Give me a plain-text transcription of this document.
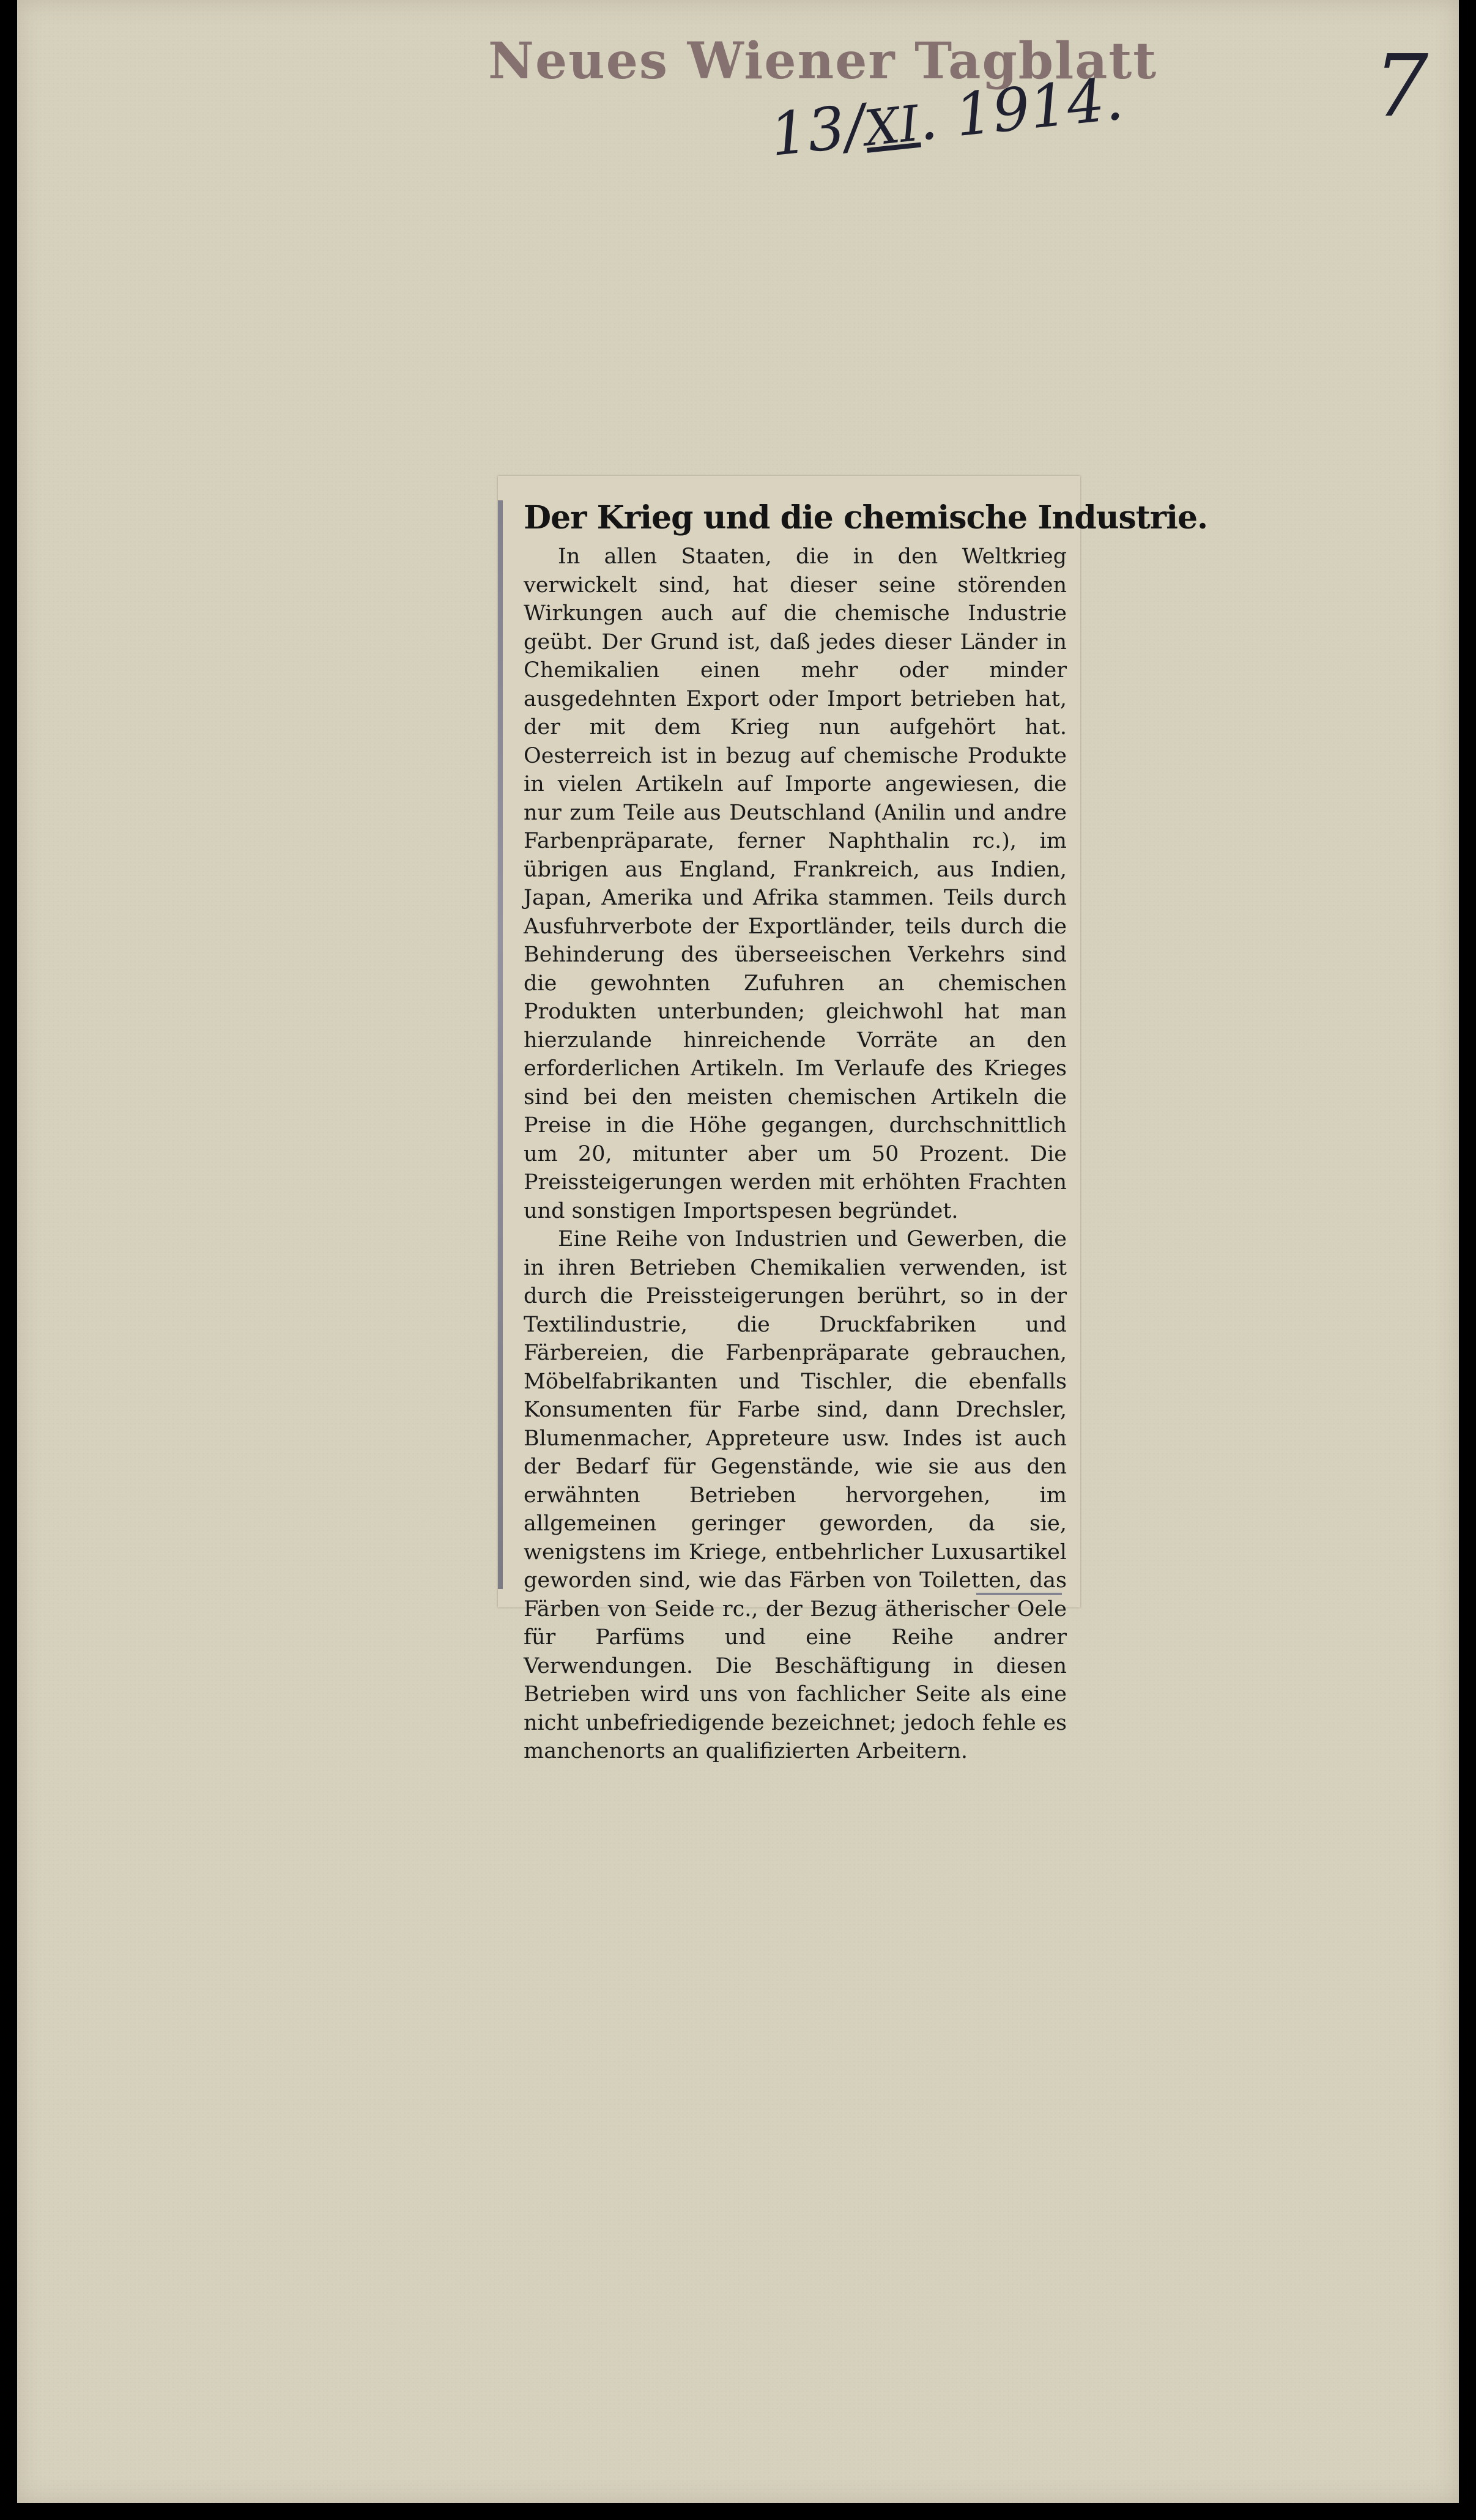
Neues Wiener Tagblatt
13/XI. 1914.	7
Der Krieg und die chemische Industrie.

In allen Staaten, die in den Weltkrieg verwickelt sind, hat dieser seine störenden Wirkungen auch auf die chemische Industrie geübt. Der Grund ist, daß jedes dieser Länder in Chemikalien einen mehr oder minder ausgedehnten Export oder Import betrieben hat, der mit dem Krieg nun aufgehört hat. Oesterreich ist in bezug auf chemische Produkte in vielen Artikeln auf Importe angewiesen, die nur zum Teile aus Deutschland (Anilin und andre Farbenpräparate, ferner Naphthalin rc.), im übrigen aus England, Frankreich, aus Indien, Japan, Amerika und Afrika stammen. Teils durch Ausfuhrverbote der Exportländer, teils durch die Behinderung des überseeischen Verkehrs sind die gewohnten Zufuhren an chemischen Produkten unterbunden; gleichwohl hat man hierzulande hinreichende Vorräte an den erforderlichen Artikeln. Im Verlaufe des Krieges sind bei den meisten chemischen Artikeln die Preise in die Höhe gegangen, durchschnittlich um 20, mitunter aber um 50 Prozent. Die Preissteigerungen werden mit erhöhten Frachten und sonstigen Importspesen begründet.

Eine Reihe von Industrien und Gewerben, die in ihren Betrieben Chemikalien verwenden, ist durch die Preissteigerungen berührt, so in der Textilindustrie, die Druckfabriken und Färbereien, die Farbenpräparate gebrauchen, Möbelfabrikanten und Tischler, die ebenfalls Konsumenten für Farbe sind, dann Drechsler, Blumenmacher, Appreteure usw. Indes ist auch der Bedarf für Gegenstände, wie sie aus den erwähnten Betrieben hervorgehen, im allgemeinen geringer geworden, da sie, wenigstens im Kriege, entbehrlicher Luxusartikel geworden sind, wie das Färben von Toiletten, das Färben von Seide rc., der Bezug ätherischer Oele für Parfüms und eine Reihe andrer Verwendungen. Die Beschäftigung in diesen Betrieben wird uns von fachlicher Seite als eine nicht unbefriedigende bezeichnet; jedoch fehle es manchenorts an qualifizierten Arbeitern.
